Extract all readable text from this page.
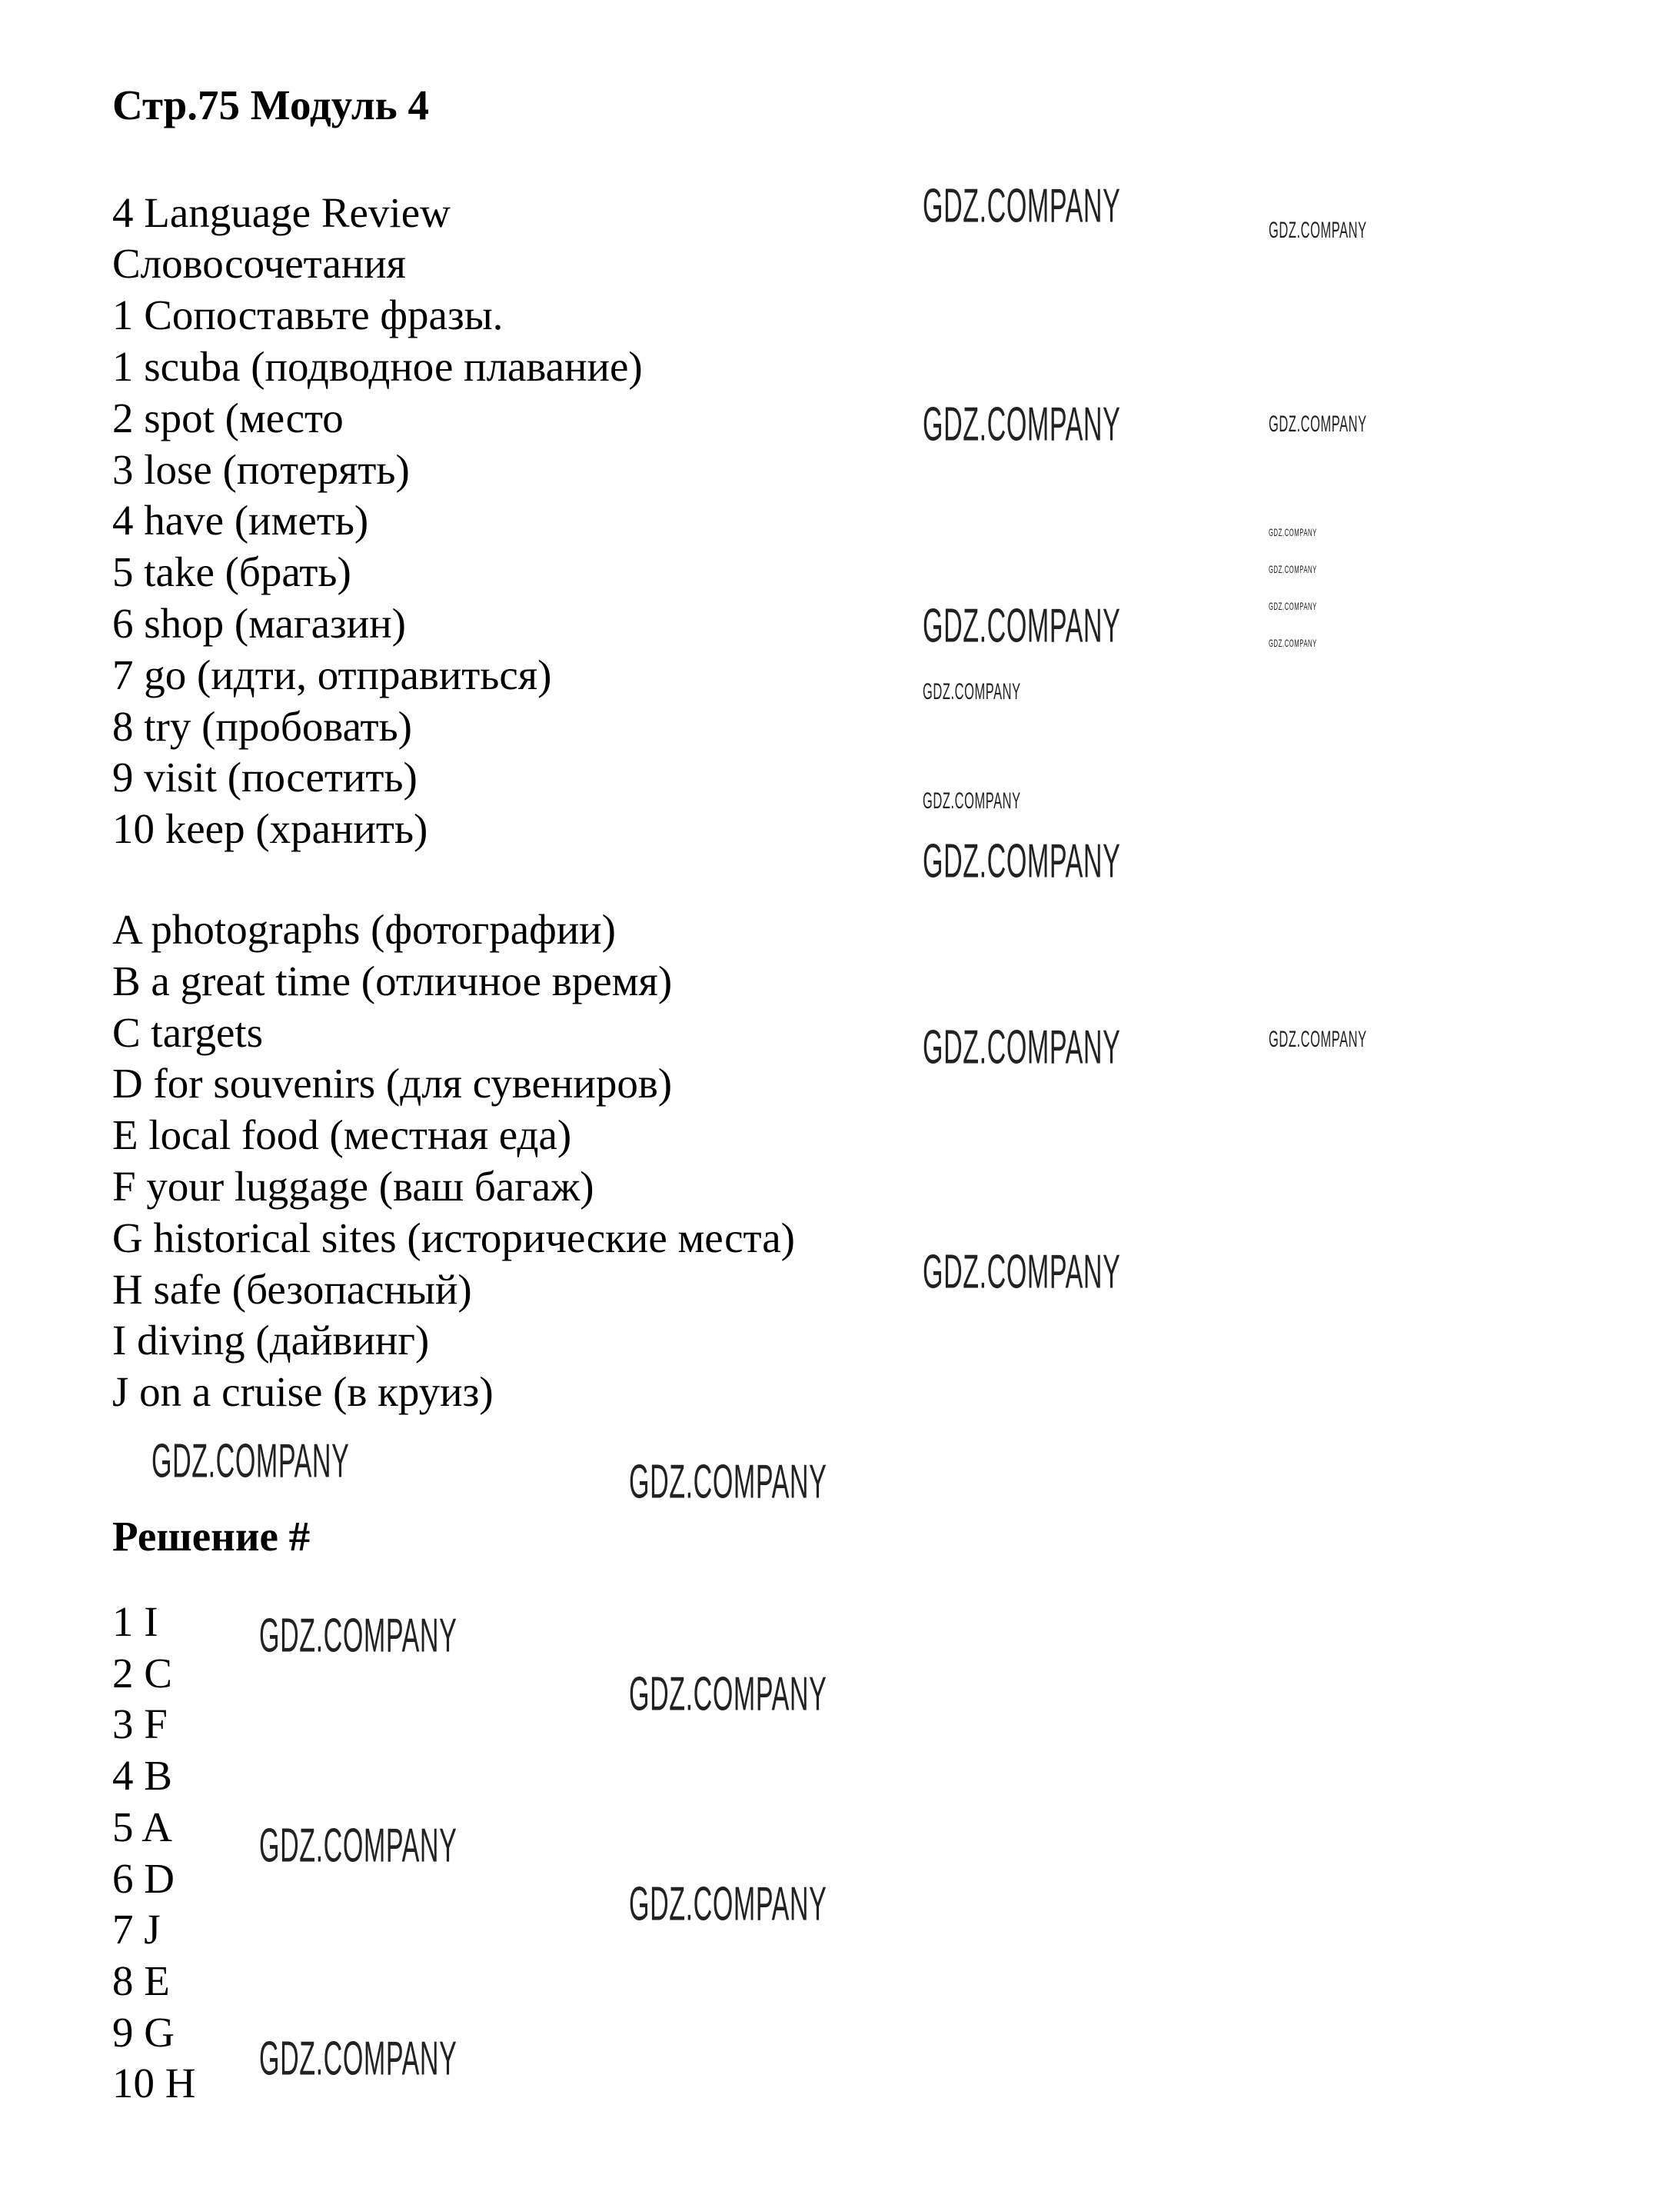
Стр.75 Модуль 4
4 Language Review
Словосочетания
1 Сопоставьте фразы.
1 scuba (подводное плавание)
2 spot (место
3 lose (потерять)
4 have (иметь)
5 take (брать)
6 shop (магазин)
7 go (идти, отправиться)
8 try (пробовать)
9 visit (посетить)
10 keep (хранить)
A photographs (фотографии)
B a great time (отличное время)
C targets
D for souvenirs (для сувениров)
E local food (местная еда)
F your luggage (ваш багаж)
G historical sites (исторические места)
H safe (безопасный)
I diving (дайвинг)
J on a cruise (в круиз)
Решение #
1 I
2 C
3 F
4 B
5 A
6 D
7 J
8 E
9 G
10 H
GDZ.COMPANY	GDZ.COMPANY
GDZ.COMPANY	GDZ.COMPANY
GDZ.COMPANY
GDZ.COMPANY
GDZ.COMPANY
GDZ.COMPANY
GDZ.COMPANY
GDZ.COMPANY
GDZ.COMPANY
GDZ.COMPANY
GDZ.COMPANY	GDZ.COMPANY
GDZ.COMPANY
GDZ.COMPANY	GDZ.COMPANY
GDZ.COMPANY
GDZ.COMPANY
GDZ.COMPANY
GDZ.COMPANY
GDZ.COMPANY
